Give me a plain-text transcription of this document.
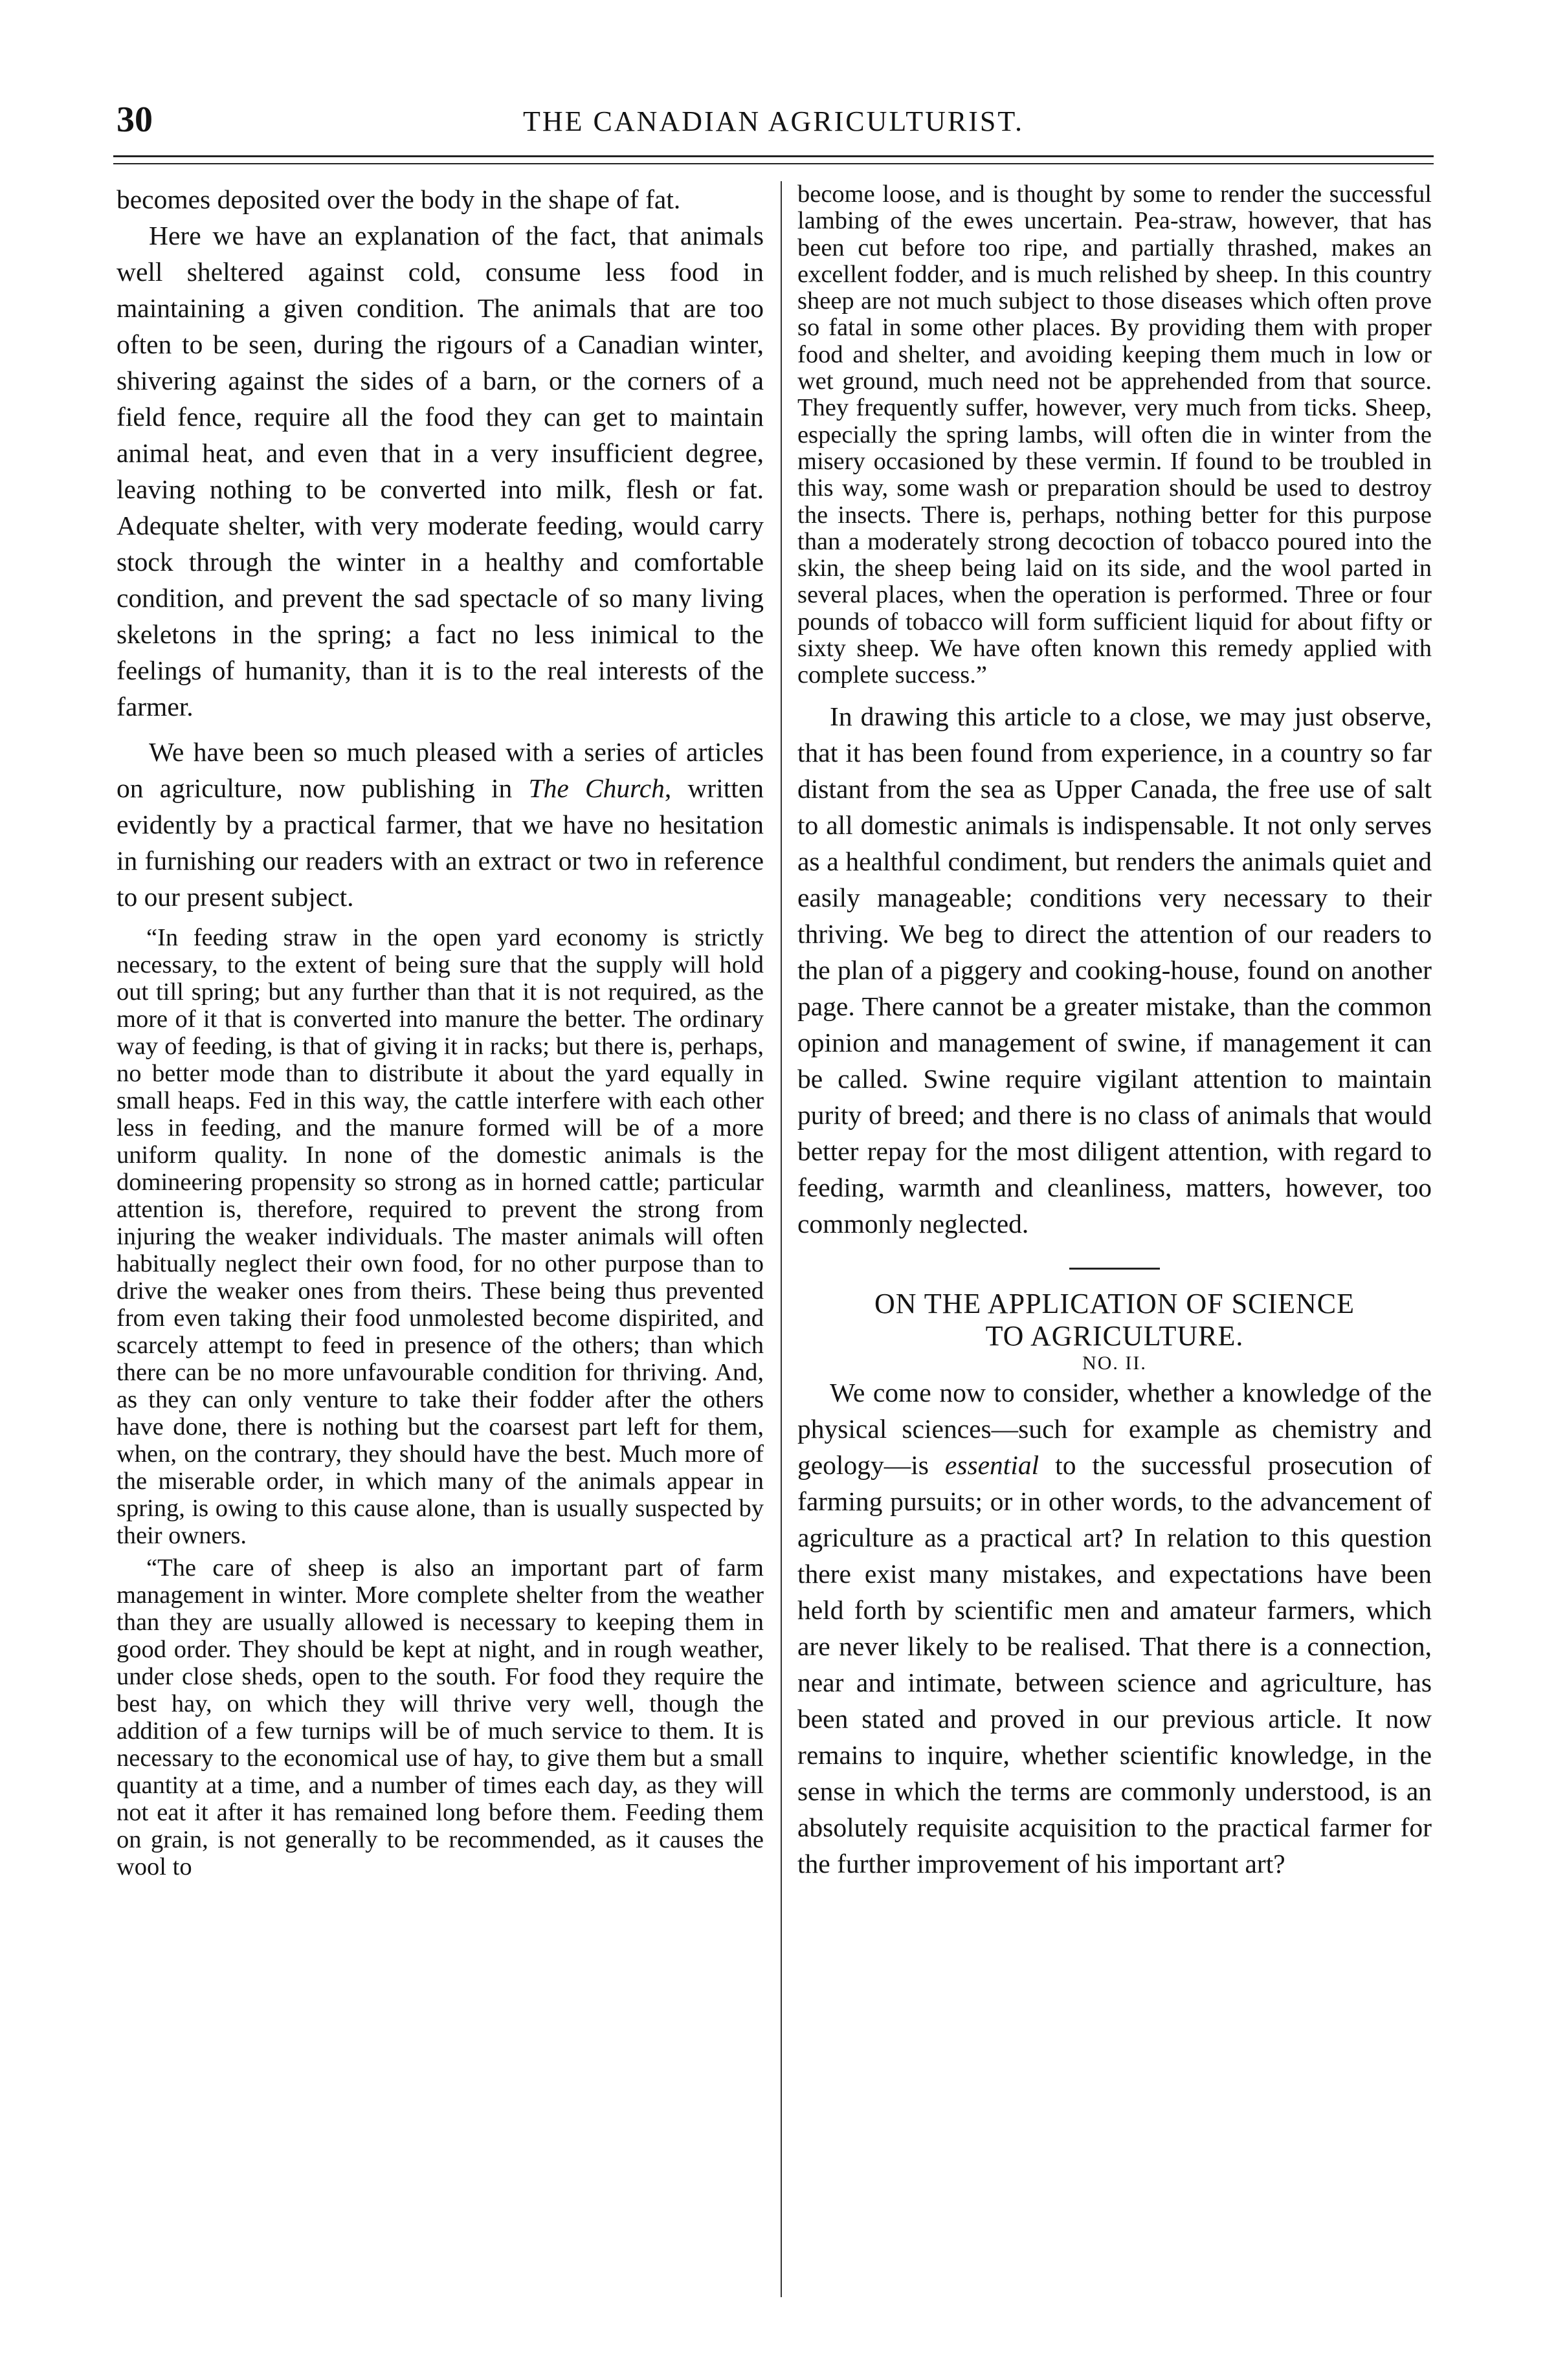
30	THE CANADIAN AGRICULTURIST.

becomes deposited over the body in the shape of fat.

Here we have an explanation of the fact, that animals well sheltered against cold, consume less food in maintaining a given condition. The animals that are too often to be seen, during the rigours of a Canadian winter, shivering against the sides of a barn, or the corners of a field fence, require all the food they can get to maintain animal heat, and even that in a very insufficient degree, leaving nothing to be converted into milk, flesh or fat. Adequate shelter, with very moderate feeding, would carry stock through the winter in a healthy and comfortable condition, and prevent the sad spectacle of so many living skeletons in the spring; a fact no less inimical to the feelings of humanity, than it is to the real interests of the farmer.

We have been so much pleased with a series of articles on agriculture, now publishing in The Church, written evidently by a practical farmer, that we have no hesitation in furnishing our readers with an extract or two in reference to our present subject.

“In feeding straw in the open yard economy is strictly necessary, to the extent of being sure that the supply will hold out till spring; but any further than that it is not required, as the more of it that is converted into manure the better. The ordinary way of feeding, is that of giving it in racks; but there is, perhaps, no better mode than to distribute it about the yard equally in small heaps. Fed in this way, the cattle interfere with each other less in feeding, and the manure formed will be of a more uniform quality. In none of the domestic animals is the domineering propensity so strong as in horned cattle; particular attention is, therefore, required to prevent the strong from injuring the weaker individuals. The master animals will often habitually neglect their own food, for no other purpose than to drive the weaker ones from theirs. These being thus prevented from even taking their food unmolested become dispirited, and scarcely attempt to feed in presence of the others; than which there can be no more unfavourable condition for thriving. And, as they can only venture to take their fodder after the others have done, there is nothing but the coarsest part left for them, when, on the contrary, they should have the best. Much more of the miserable order, in which many of the animals appear in spring, is owing to this cause alone, than is usually suspected by their owners.

“The care of sheep is also an important part of farm management in winter. More complete shelter from the weather than they are usually allowed is necessary to keeping them in good order. They should be kept at night, and in rough weather, under close sheds, open to the south. For food they require the best hay, on which they will thrive very well, though the addition of a few turnips will be of much service to them. It is necessary to the economical use of hay, to give them but a small quantity at a time, and a number of times each day, as they will not eat it after it has remained long before them. Feeding them on grain, is not generally to be recommended, as it causes the wool to

become loose, and is thought by some to render the successful lambing of the ewes uncertain. Pea-straw, however, that has been cut before too ripe, and partially thrashed, makes an excellent fodder, and is much relished by sheep. In this country sheep are not much subject to those diseases which often prove so fatal in some other places. By providing them with proper food and shelter, and avoiding keeping them much in low or wet ground, much need not be apprehended from that source. They frequently suffer, however, very much from ticks. Sheep, especially the spring lambs, will often die in winter from the misery occasioned by these vermin. If found to be troubled in this way, some wash or preparation should be used to destroy the insects. There is, perhaps, nothing better for this purpose than a moderately strong decoction of tobacco poured into the skin, the sheep being laid on its side, and the wool parted in several places, when the operation is performed. Three or four pounds of tobacco will form sufficient liquid for about fifty or sixty sheep. We have often known this remedy applied with complete success.”

In drawing this article to a close, we may just observe, that it has been found from experience, in a country so far distant from the sea as Upper Canada, the free use of salt to all domestic animals is indispensable. It not only serves as a healthful condiment, but renders the animals quiet and easily manageable; conditions very necessary to their thriving. We beg to direct the attention of our readers to the plan of a piggery and cooking-house, found on another page. There cannot be a greater mistake, than the common opinion and management of swine, if management it can be called. Swine require vigilant attention to maintain purity of breed; and there is no class of animals that would better repay for the most diligent attention, with regard to feeding, warmth and cleanliness, matters, however, too commonly neglected.

ON THE APPLICATION OF SCIENCE
TO AGRICULTURE.

NO. II.

We come now to consider, whether a knowledge of the physical sciences—such for example as chemistry and geology—is essential to the successful prosecution of farming pursuits; or in other words, to the advancement of agriculture as a practical art? In relation to this question there exist many mistakes, and expectations have been held forth by scientific men and amateur farmers, which are never likely to be realised. That there is a connection, near and intimate, between science and agriculture, has been stated and proved in our previous article. It now remains to inquire, whether scientific knowledge, in the sense in which the terms are commonly understood, is an absolutely requisite acquisition to the practical farmer for the further improvement of his important art?
